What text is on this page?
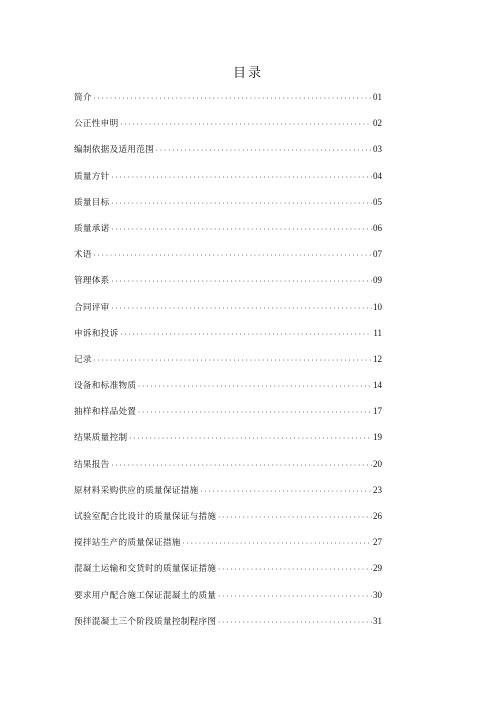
目录
简介 ·····	01
公正性申明 ·····	02
编制依据及适用范围 ·····	03
质量方针 ·····	04
质量目标 ·····	05
质量承诺 ·····	06
术语 ·····	07
管理体系 ·····	09
合同评审 ·····	10
申诉和投诉 ·····	11
记录 ·····	12
设备和标准物质 ·····	14
抽样和样品处置 ·····	17
结果质量控制 ·····	19
结果报告 ·····	20
原材料采购供应的质量保证措施 ·····	23
试验室配合比设计的质量保证与措施 ·····	26
搅拌站生产的质量保证措施 ·····	27
混凝土运输和交货时的质量保证措施 ·····	29
要求用户配合施工保证混凝土的质量 ·····	30
预拌混凝土三个阶段质量控制程序图 ·····	31
